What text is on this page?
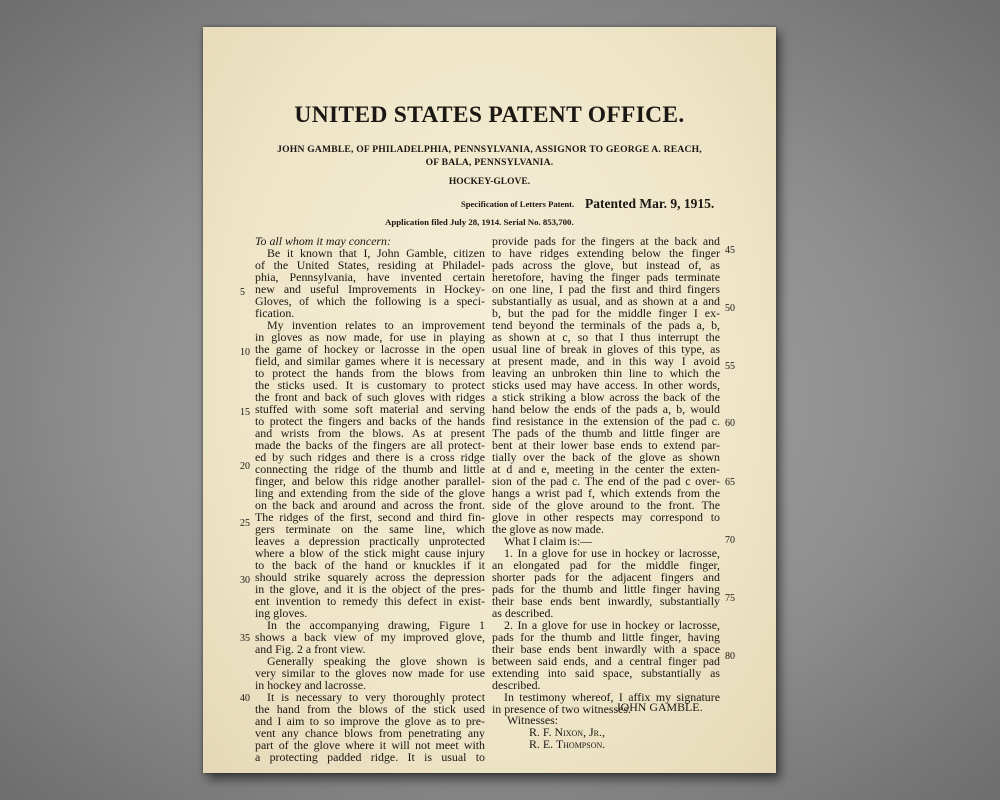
UNITED STATES PATENT OFFICE.
JOHN GAMBLE, OF PHILADELPHIA, PENNSYLVANIA, ASSIGNOR TO GEORGE A. REACH,
OF BALA, PENNSYLVANIA.
HOCKEY-GLOVE.
Specification of Letters Patent. Patented Mar. 9, 1915.
Application filed July 28, 1914. Serial No. 853,700.
To all whom it may concern:
Be it known that I, John Gamble, citizen
of the United States, residing at Philadel-
phia, Pennsylvania, have invented certain
new and useful Improvements in Hockey-
Gloves, of which the following is a speci-
fication.
My invention relates to an improvement
in gloves as now made, for use in playing
the game of hockey or lacrosse in the open
field, and similar games where it is necessary
to protect the hands from the blows from
the sticks used. It is customary to protect
the front and back of such gloves with ridges
stuffed with some soft material and serving
to protect the fingers and backs of the hands
and wrists from the blows. As at present
made the backs of the fingers are all protect-
ed by such ridges and there is a cross ridge
connecting the ridge of the thumb and little
finger, and below this ridge another parallel-
ling and extending from the side of the glove
on the back and around and across the front.
The ridges of the first, second and third fin-
gers terminate on the same line, which
leaves a depression practically unprotected
where a blow of the stick might cause injury
to the back of the hand or knuckles if it
should strike squarely across the depression
in the glove, and it is the object of the pres-
ent invention to remedy this defect in exist-
ing gloves.
In the accompanying drawing, Figure 1
shows a back view of my improved glove,
and Fig. 2 a front view.
Generally speaking the glove shown is
very similar to the gloves now made for use
in hockey and lacrosse.
It is necessary to very thoroughly protect
the hand from the blows of the stick used
and I aim to so improve the glove as to pre-
vent any chance blows from penetrating any
part of the glove where it will not meet with
a protecting padded ridge. It is usual to
provide pads for the fingers at the back and
to have ridges extending below the finger
pads across the glove, but instead of, as
heretofore, having the finger pads terminate
on one line, I pad the first and third fingers
substantially as usual, and as shown at a and
b, but the pad for the middle finger I ex-
tend beyond the terminals of the pads a, b,
as shown at c, so that I thus interrupt the
usual line of break in gloves of this type, as
at present made, and in this way I avoid
leaving an unbroken thin line to which the
sticks used may have access. In other words,
a stick striking a blow across the back of the
hand below the ends of the pads a, b, would
find resistance in the extension of the pad c.
The pads of the thumb and little finger are
bent at their lower base ends to extend par-
tially over the back of the glove as shown
at d and e, meeting in the center the exten-
sion of the pad c. The end of the pad c over-
hangs a wrist pad f, which extends from the
side of the glove around to the front. The
glove in other respects may correspond to
the glove as now made.
What I claim is:—
1. In a glove for use in hockey or lacrosse,
an elongated pad for the middle finger,
shorter pads for the adjacent fingers and
pads for the thumb and little finger having
their base ends bent inwardly, substantially
as described.
2. In a glove for use in hockey or lacrosse,
pads for the thumb and little finger, having
their base ends bent inwardly with a space
between said ends, and a central finger pad
extending into said space, substantially as
described.
In testimony whereof, I affix my signature
in presence of two witnesses.
5
10
15
20
25
30
35
40
45
50
55
60
65
70
75
80
JOHN GAMBLE.
Witnesses:
R. F. Nixon, Jr.,
R. E. Thompson.
